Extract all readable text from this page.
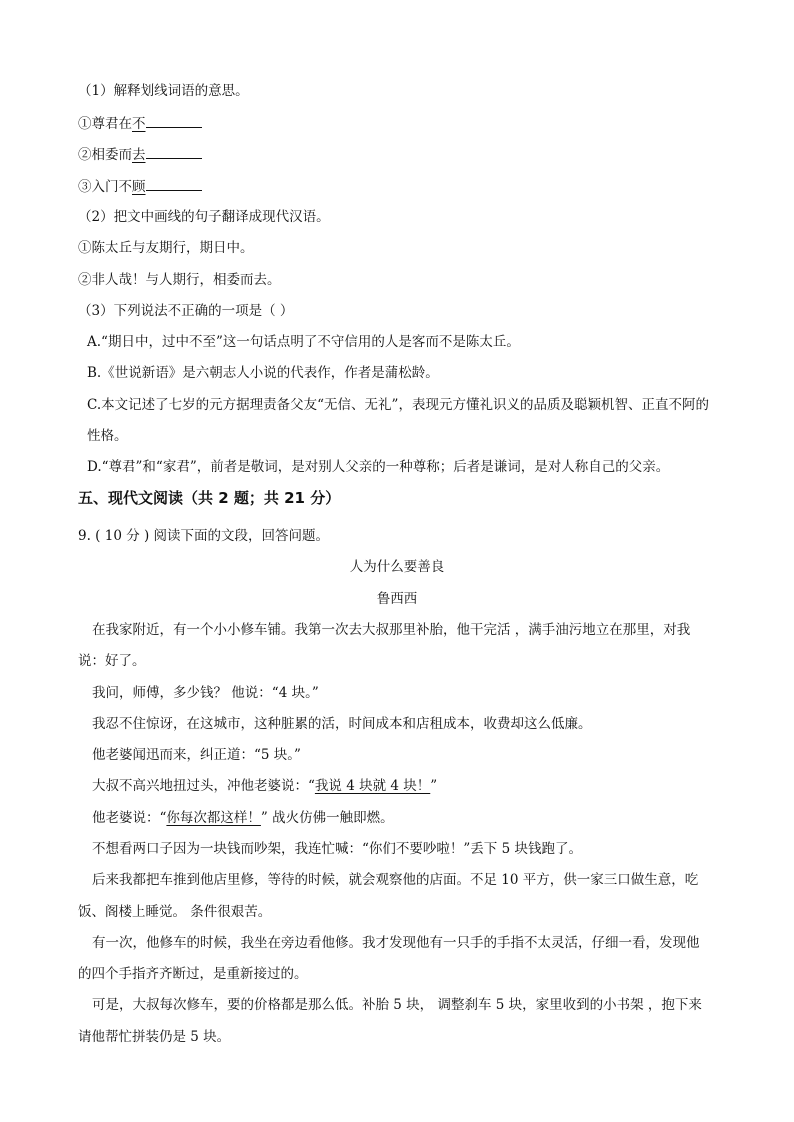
（1）解释划线词语的意思。
①尊君在不
②相委而去
③入门不顾
（2）把文中画线的句子翻译成现代汉语。
①陈太丘与友期行，期日中。
②非人哉！与人期行，相委而去。
（3）下列说法不正确的一项是（ ）
A.“期日中，过中不至”这一句话点明了不守信用的人是客而不是陈太丘。
B.《世说新语》是六朝志人小说的代表作，作者是蒲松龄。
C.本文记述了七岁的元方据理责备父友“无信、无礼”，表现元方懂礼识义的品质及聪颖机智、正直不阿的
性格。
D.“尊君”和“家君”，前者是敬词，是对别人父亲的一种尊称；后者是谦词，是对人称自己的父亲。
五、现代文阅读（共 2 题；共 21 分）
9. ( 10 分 ) 阅读下面的文段，回答问题。
人为什么要善良
鲁西西
在我家附近，有一个小小修车铺。我第一次去大叔那里补胎，他干完活 ，满手油污地立在那里，对我
说：好了。
我问，师傅，多少钱？ 他说：“4 块。”
我忍不住惊讶，在这城市，这种脏累的活，时间成本和店租成本，收费却这么低廉。
他老婆闻迅而来，纠正道：“5 块。”
大叔不高兴地扭过头，冲他老婆说：“我说 4 块就 4 块！”
他老婆说：“你每次都这样！” 战火仿佛一触即燃。
不想看两口子因为一块钱而吵架，我连忙喊：“你们不要吵啦！”丢下 5 块钱跑了。
后来我都把车推到他店里修，等待的时候，就会观察他的店面。不足 10 平方，供一家三口做生意，吃
饭、阁楼上睡觉。 条件很艰苦。
有一次，他修车的时候，我坐在旁边看他修。我才发现他有一只手的手指不太灵活，仔细一看，发现他
的四个手指齐齐断过，是重新接过的。
可是，大叔每次修车，要的价格都是那么低。补胎 5 块， 调整刹车 5 块，家里收到的小书架 ，抱下来
请他帮忙拼装仍是 5 块。
